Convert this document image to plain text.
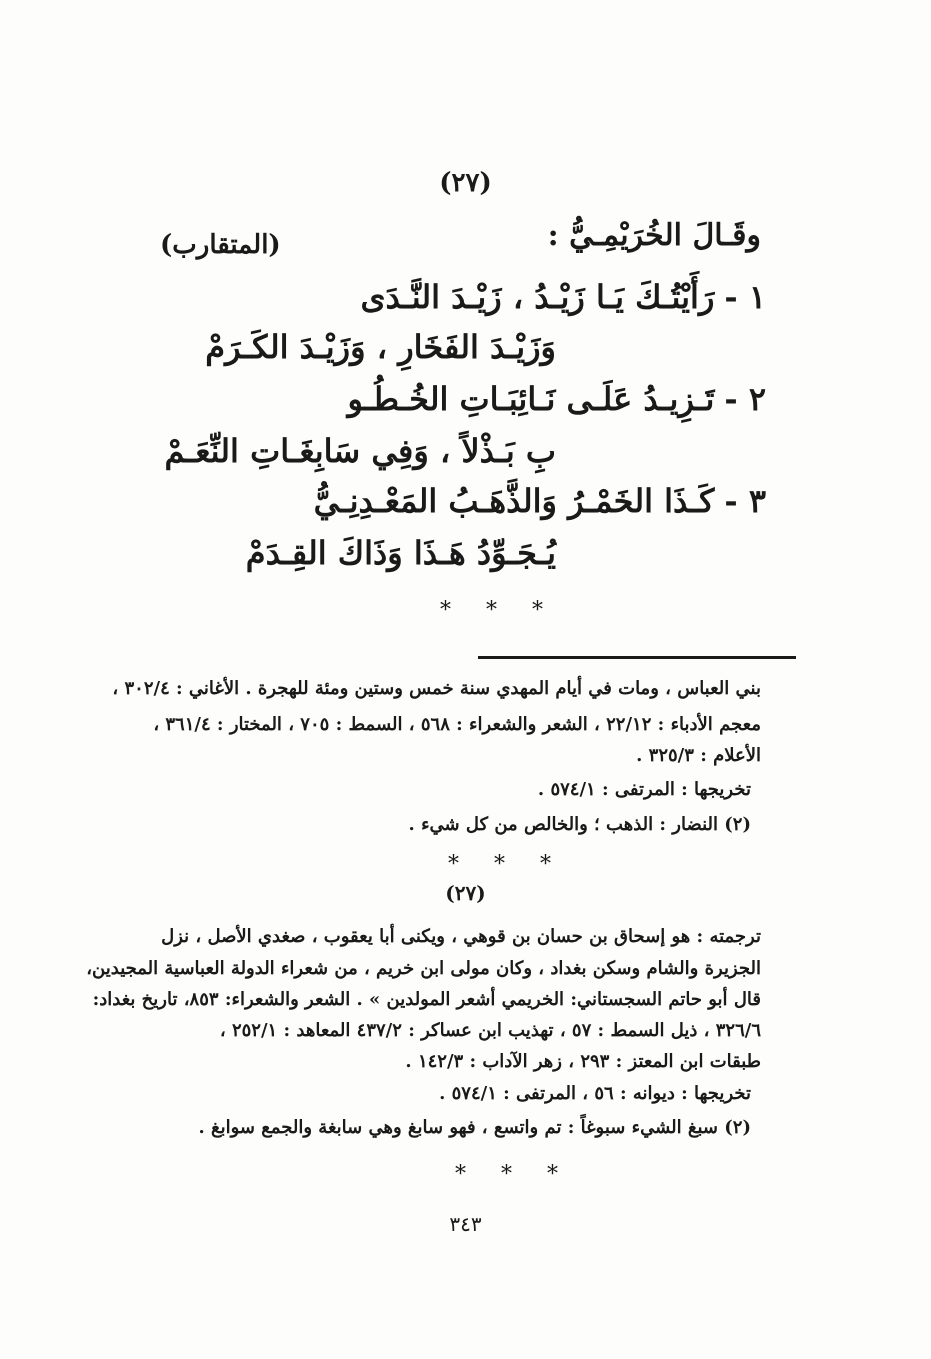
(٢٧)
وقَـالَ الخُرَيْمِـيُّ :
(المتقارب)
١ -رَأَيْتُـكَ يَـا زَيْـدُ ، زَيْـدَ النَّـدَى
وَزَيْـدَ الفَخَارِ ، وَزَيْـدَ الكَـرَمْ
٢ -تَـزِيـدُ عَلَـى نَـائِبَـاتِ الخُـطُـو
بِ بَـذْلاً ، وَفِي سَابِغَـاتِ النِّعَـمْ
٣ -كَـذَا الخَمْـرُ وَالذَّهَـبُ المَعْـدِنِـيُّ
يُـجَـوِّدُ هَـذَا وَذَاكَ القِـدَمْ
* * *
بني العباس ، ومات في أيام المهدي سنة خمس وستين ومئة للهجرة . الأغاني : ٣٠٢/٤ ،
معجم الأدباء : ٢٢/١٢ ، الشعر والشعراء : ٥٦٨ ، السمط : ٧٠٥ ، المختار : ٣٦١/٤ ،
الأعلام : ٣٢٥/٣ .
تخريجها : المرتفى : ٥٧٤/١ .
(٢) النضار : الذهب ؛ والخالص من كل شيء .
* * *
(٢٧)
ترجمته : هو إسحاق بن حسان بن قوهي ، ويكنى أبا يعقوب ، صغدي الأصل ، نزل
الجزيرة والشام وسكن بغداد ، وكان مولى ابن خريم ، من شعراء الدولة العباسية المجيدين،
قال أبو حاتم السجستاني: الخريمي أشعر المولدين » . الشعر والشعراء: ٨٥٣، تاريخ بغداد:
٣٢٦/٦ ، ذيل السمط : ٥٧ ، تهذيب ابن عساكر : ٤٣٧/٢ المعاهد : ٢٥٢/١ ،
طبقات ابن المعتز : ٢٩٣ ، زهر الآداب : ١٤٢/٣ .
تخريجها : ديوانه : ٥٦ ، المرتفى : ٥٧٤/١ .
(٢) سبغ الشيء سبوغاً : تم واتسع ، فهو سابغ وهي سابغة والجمع سوابغ .
* * *
٣٤٣
